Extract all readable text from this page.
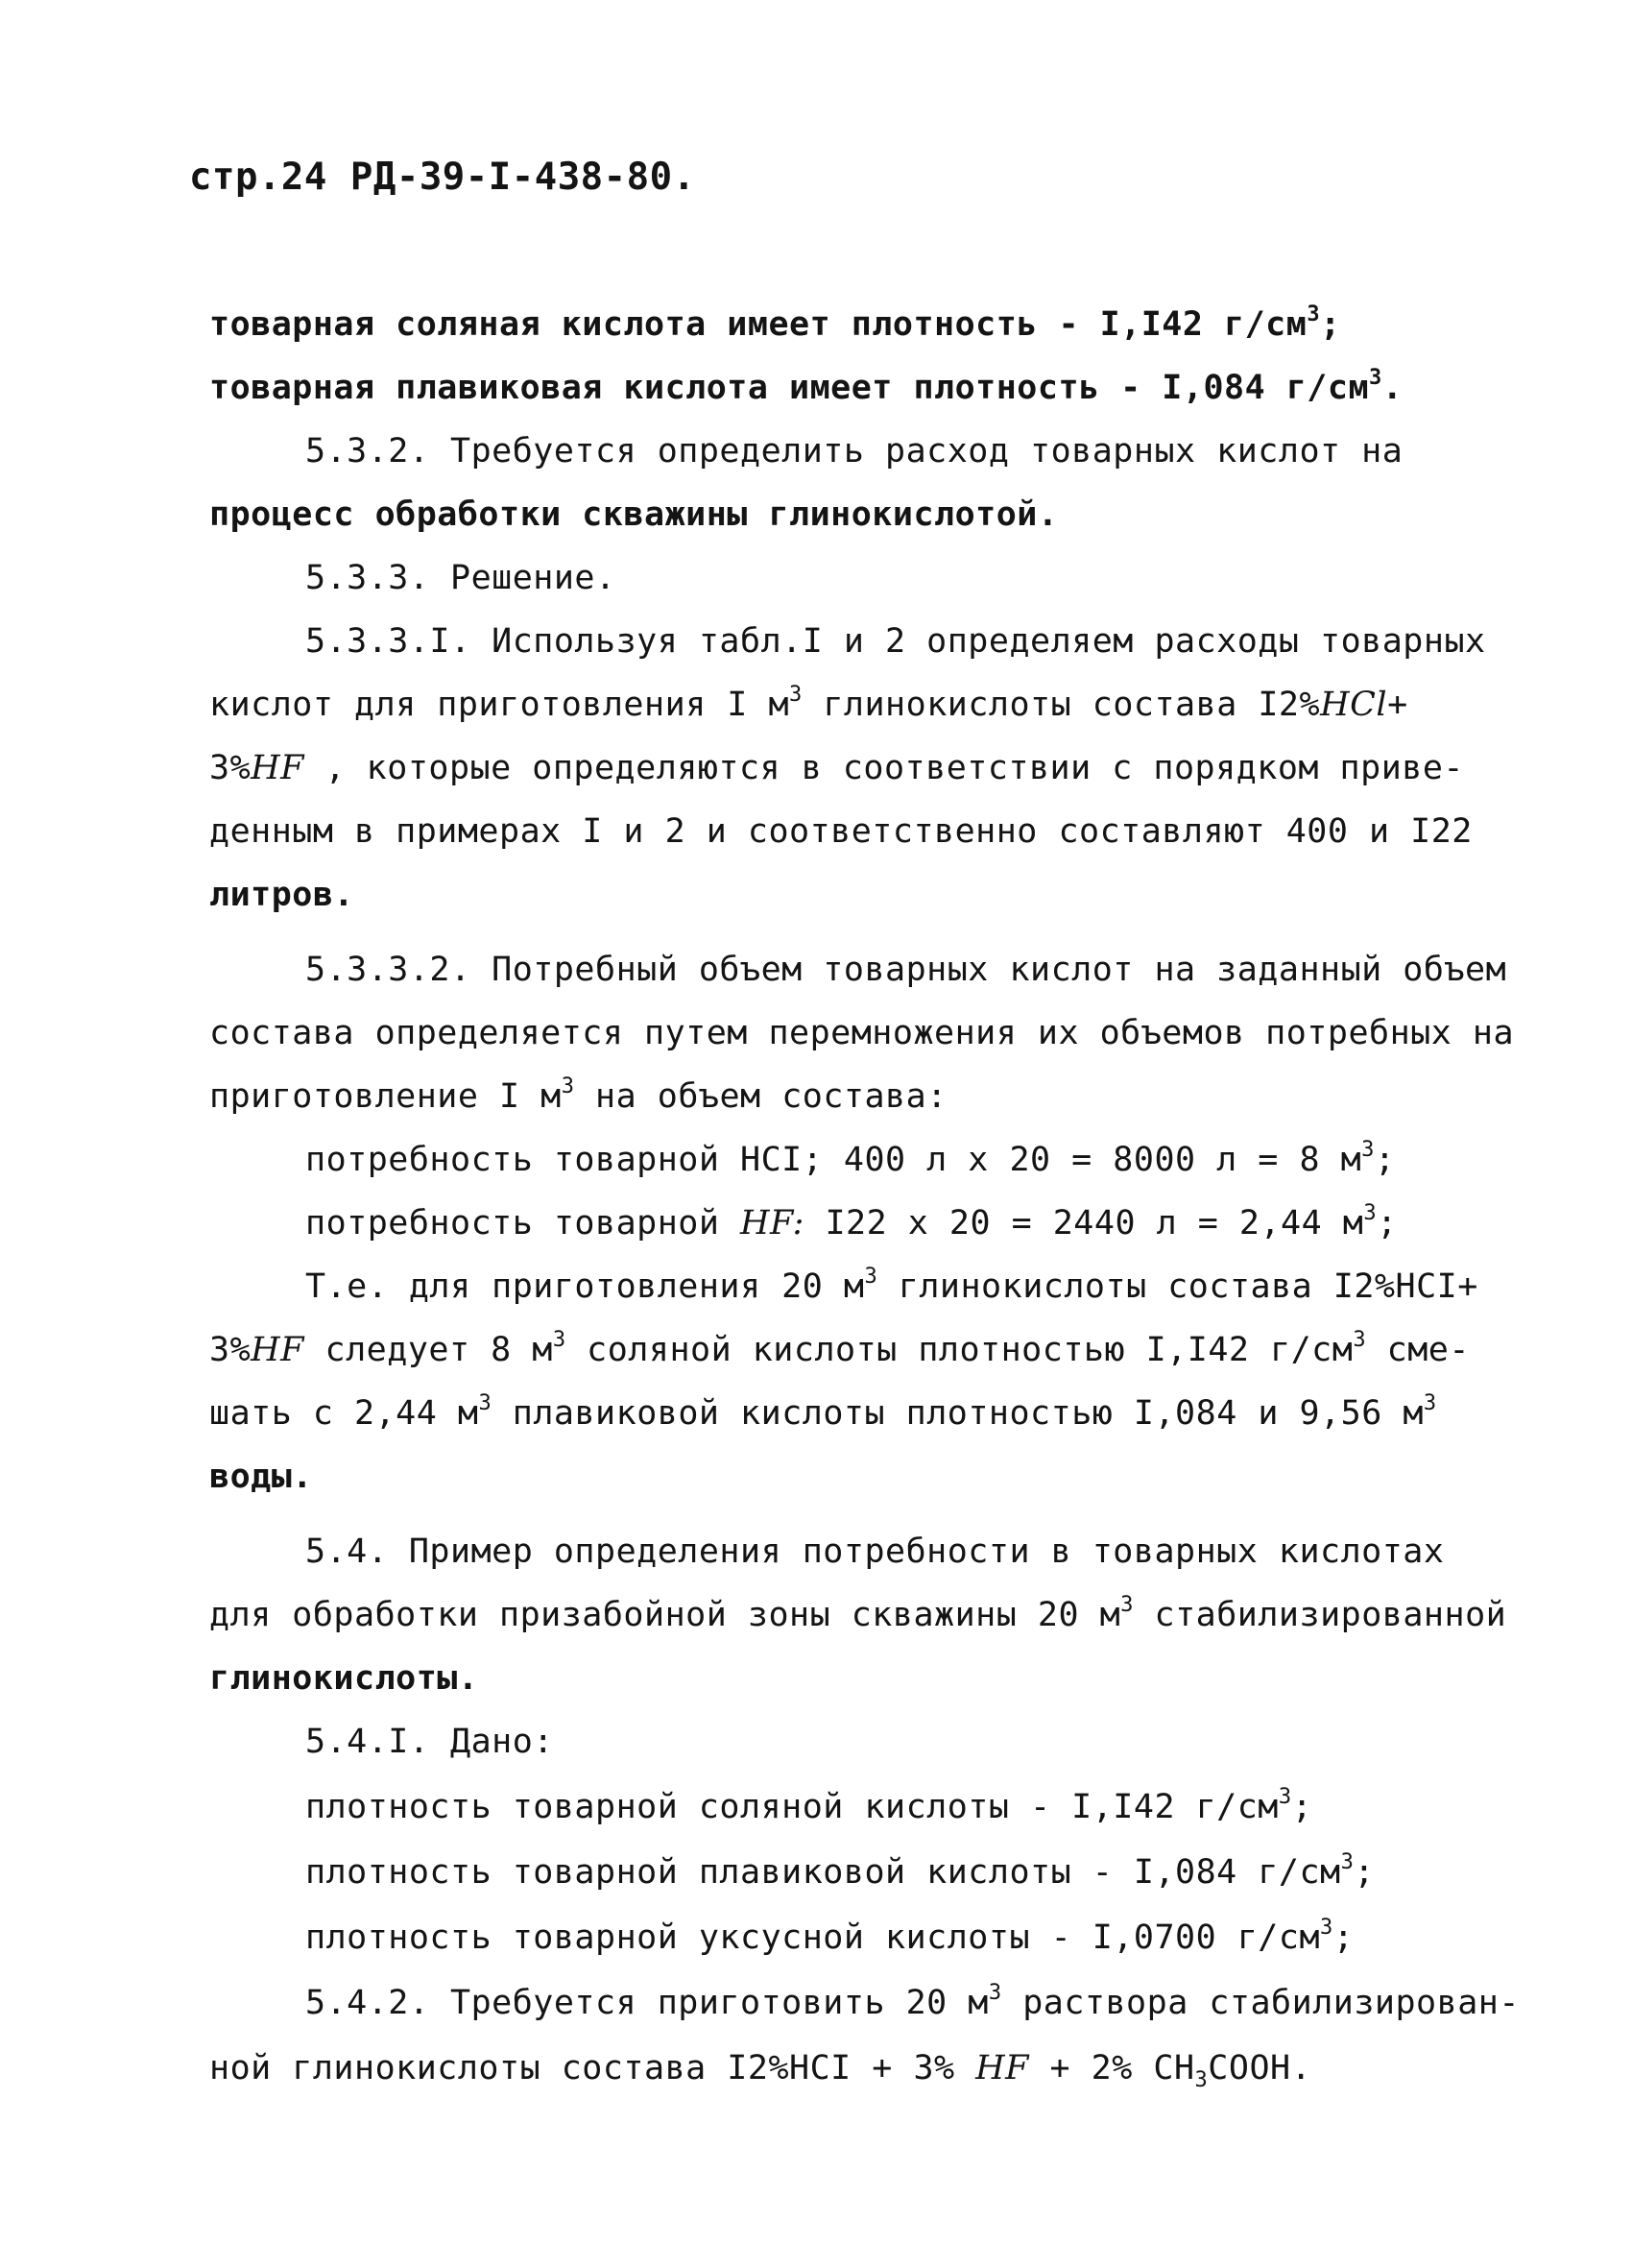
стр.24 РД-39-I-438-80.
товарная соляная кислота имеет плотность - I,I42 $г/см^3$;
товарная плавиковая кислота имеет плотность - I,084 $г/см^3$.
5.3.2. Требуется определить расход товарных кислот на
процесс обработки скважины глинокислотой.
5.3.3. Решение.
5.3.3.I. Используя табл.I и 2 определяем расходы товарных
кислот для приготовления I $м^3$ глинокислоты состава I2%HCl+
3%HF , которые определяются в соответствии с порядком приве-
денным в примерах I и 2 и соответственно составляют 400 и I22
литров.
5.3.3.2. Потребный объем товарных кислот на заданный объем
состава определяется путем перемножения их объемов потребных на
приготовление I $м^3$ на объем состава:
потребность товарной HCI; 400 л х 20 = 8000 л = 8 $м^3$;
потребность товарной HF: I22 х 20 = 2440 л = 2,44 $м^3$;
Т.е. для приготовления 20 $м^3$ глинокислоты состава I2%HCI+
3%HF следует 8 $м^3$ соляной кислоты плотностью I,I42 $г/см^3$ сме-
шать с 2,44 $м^3$ плавиковой кислоты плотностью I,084 и 9,56 $м^3$
воды.
5.4. Пример определения потребности в товарных кислотах
для обработки призабойной зоны скважины 20 $м^3$ стабилизированной
глинокислоты.
5.4.I. Дано:
плотность товарной соляной кислоты - I,I42 $г/см^3$;
плотность товарной плавиковой кислоты - I,084 $г/см^3$;
плотность товарной уксусной кислоты - I,0700 $г/см^3$;
5.4.2. Требуется приготовить 20 $м^3$ раствора стабилизирован-
ной глинокислоты состава I2%HCI + 3% HF + 2% $CH_3COOH$.
